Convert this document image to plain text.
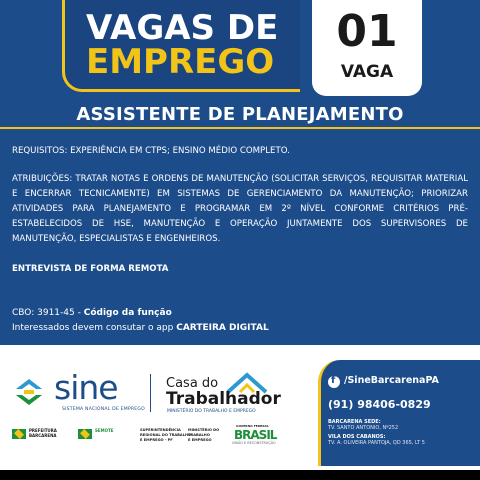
VAGAS DE
EMPREGO
01
VAGA
ASSISTENTE DE PLANEJAMENTO
REQUISITOS: EXPERIÊNCIA EM CTPS; ENSINO MÉDIO COMPLETO.
ATRIBUIÇÕES: TRATAR NOTAS E ORDENS DE MANUTENÇÃO (SOLICITAR SERVIÇOS, REQUISITAR MATERIAL E ENCERRAR TECNICAMENTE) EM SISTEMAS DE GERENCIAMENTO DA MANUTENÇÃO; PRIORIZAR ATIVIDADES PARA PLANEJAMENTO E PROGRAMAR EM 2º NÍVEL CONFORME CRITÉRIOS PRÉ-ESTABELECIDOS DE HSE, MANUTENÇÃO E OPERAÇÃO JUNTAMENTE DOS SUPERVISORES DE MANUTENÇÃO, ESPECIALISTAS E ENGENHEIROS.
ENTREVISTA DE FORMA REMOTA
CBO: 3911-45 - Código da função
Interessados devem consutar o app CARTEIRA DIGITAL
sine
SISTEMA NACIONAL DE EMPREGO
Casa do
Trabalhador
MINISTÉRIO DO TRABALHO E EMPREGO
PREFEITURA
BARCARENA
SEMOTE	SUPERINTENDÊNCIA
REGIONAL DO TRABALHO
E EMPREGO - PF
MINISTÉRIO DO
TRABALHO
E EMPREGO
GOVERNO FEDERAL
BRASIL
UNIÃO E RECONSTRUÇÃO
f
/SineBarcarenaPA
(91) 98406-0829
BARCARENA SEDE:
TV. SANTO ANTONIO, Nº252
VILA DOS CABANOS:
TV. A. OLIVEIRA PANTOJA, QD 365, LT 5
